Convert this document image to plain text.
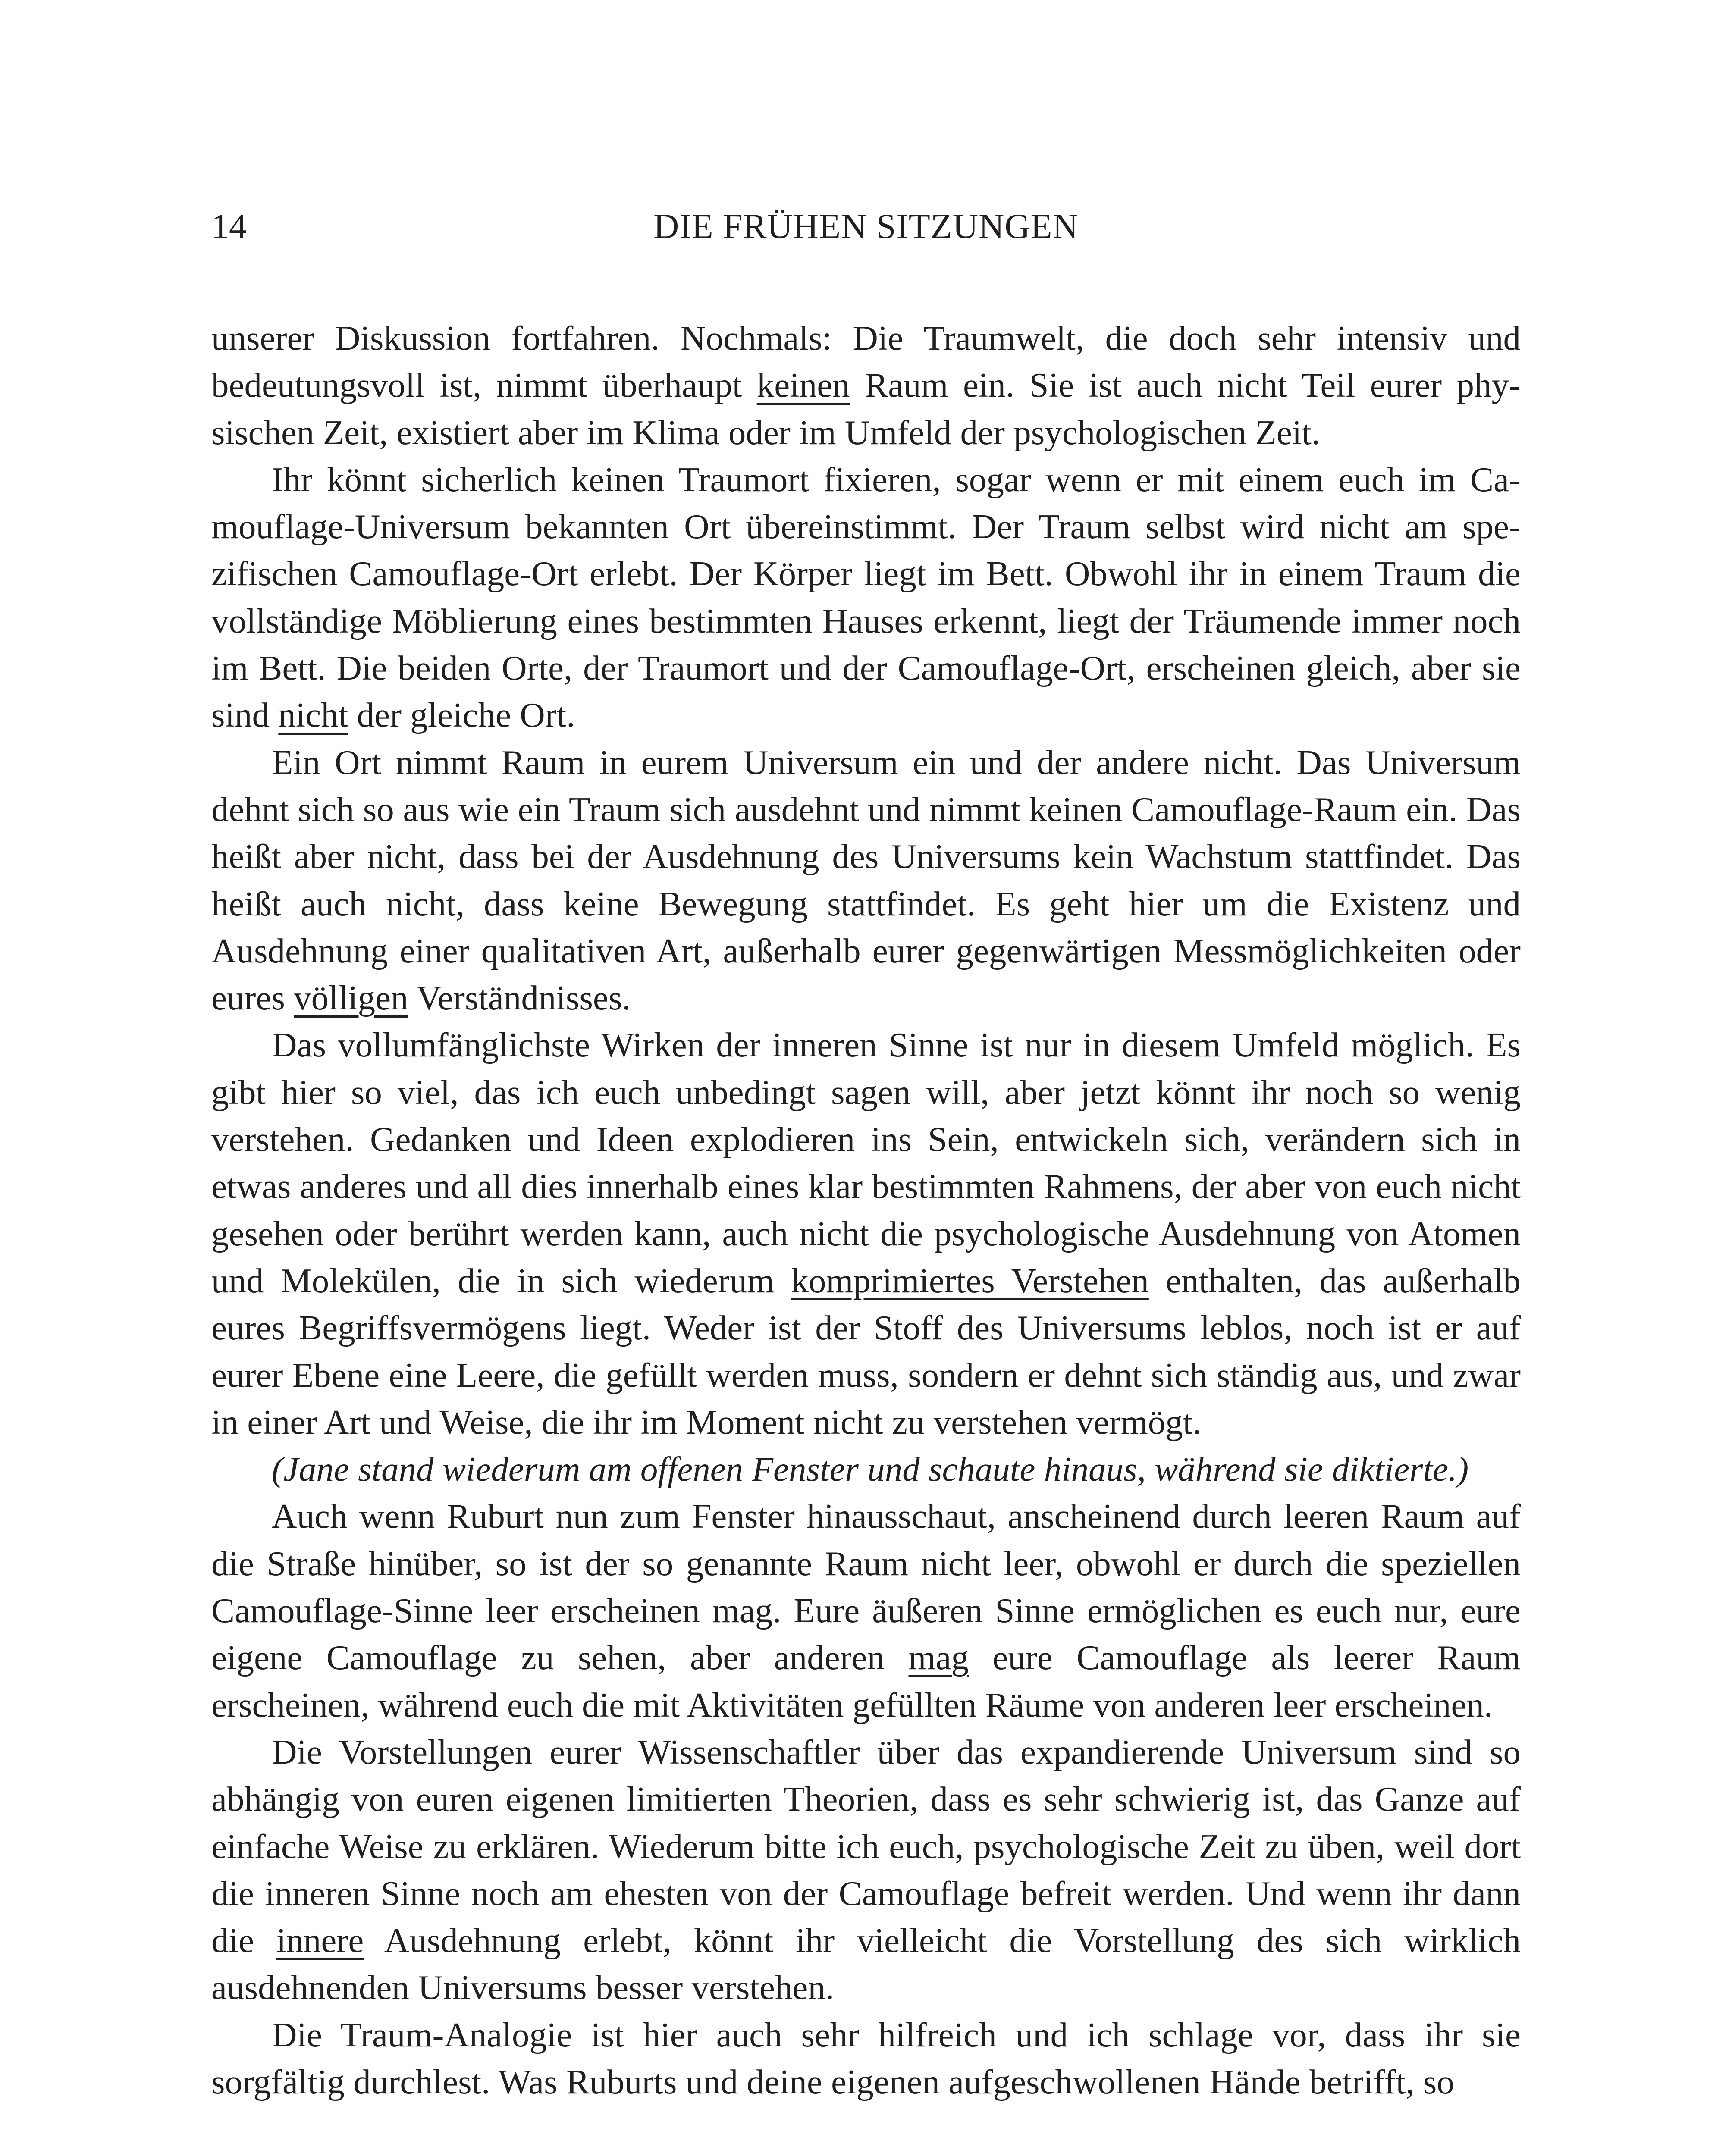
14	DIE FRÜHEN SITZUNGEN

unserer Diskussion fortfahren. Nochmals: Die Traumwelt, die doch sehr intensiv und bedeutungsvoll ist, nimmt überhaupt keinen Raum ein. Sie ist auch nicht Teil eurer physischen Zeit, existiert aber im Klima oder im Umfeld der psychologischen Zeit.

Ihr könnt sicherlich keinen Traumort fixieren, sogar wenn er mit einem euch im Camouflage-Universum bekannten Ort übereinstimmt. Der Traum selbst wird nicht am spezifischen Camouflage-Ort erlebt. Der Körper liegt im Bett. Obwohl ihr in einem Traum die vollständige Möblierung eines bestimmten Hauses erkennt, liegt der Träumende immer noch im Bett. Die beiden Orte, der Traumort und der Camouflage-Ort, erscheinen gleich, aber sie sind nicht der gleiche Ort.

Ein Ort nimmt Raum in eurem Universum ein und der andere nicht. Das Universum dehnt sich so aus wie ein Traum sich ausdehnt und nimmt keinen Camouflage-Raum ein. Das heißt aber nicht, dass bei der Ausdehnung des Universums kein Wachstum stattfindet. Das heißt auch nicht, dass keine Bewegung stattfindet. Es geht hier um die Existenz und Ausdehnung einer qualitativen Art, außerhalb eurer gegenwärtigen Messmöglichkeiten oder eures völligen Verständnisses.

Das vollumfänglichste Wirken der inneren Sinne ist nur in diesem Umfeld möglich. Es gibt hier so viel, das ich euch unbedingt sagen will, aber jetzt könnt ihr noch so wenig verstehen. Gedanken und Ideen explodieren ins Sein, entwickeln sich, verändern sich in etwas anderes und all dies innerhalb eines klar bestimmten Rahmens, der aber von euch nicht gesehen oder berührt werden kann, auch nicht die psychologische Ausdehnung von Atomen und Molekülen, die in sich wiederum komprimiertes Verstehen enthalten, das außerhalb eures Begriffsvermögens liegt. Weder ist der Stoff des Universums leblos, noch ist er auf eurer Ebene eine Leere, die gefüllt werden muss, sondern er dehnt sich ständig aus, und zwar in einer Art und Weise, die ihr im Moment nicht zu verstehen vermögt.

(Jane stand wiederum am offenen Fenster und schaute hinaus, während sie diktierte.)

Auch wenn Ruburt nun zum Fenster hinausschaut, anscheinend durch leeren Raum auf die Straße hinüber, so ist der so genannte Raum nicht leer, obwohl er durch die speziellen Camouflage-Sinne leer erscheinen mag. Eure äußeren Sinne ermöglichen es euch nur, eure eigene Camouflage zu sehen, aber anderen mag eure Camouflage als leerer Raum erscheinen, während euch die mit Aktivitäten gefüllten Räume von anderen leer erscheinen.

Die Vorstellungen eurer Wissenschaftler über das expandierende Universum sind so abhängig von euren eigenen limitierten Theorien, dass es sehr schwierig ist, das Ganze auf einfache Weise zu erklären. Wiederum bitte ich euch, psychologische Zeit zu üben, weil dort die inneren Sinne noch am ehesten von der Camouflage befreit werden. Und wenn ihr dann die innere Ausdehnung erlebt, könnt ihr vielleicht die Vorstellung des sich wirklich ausdehnenden Universums besser verstehen.

Die Traum-Analogie ist hier auch sehr hilfreich und ich schlage vor, dass ihr sie sorgfältig durchlest. Was Ruburts und deine eigenen aufgeschwollenen Hände betrifft, so
